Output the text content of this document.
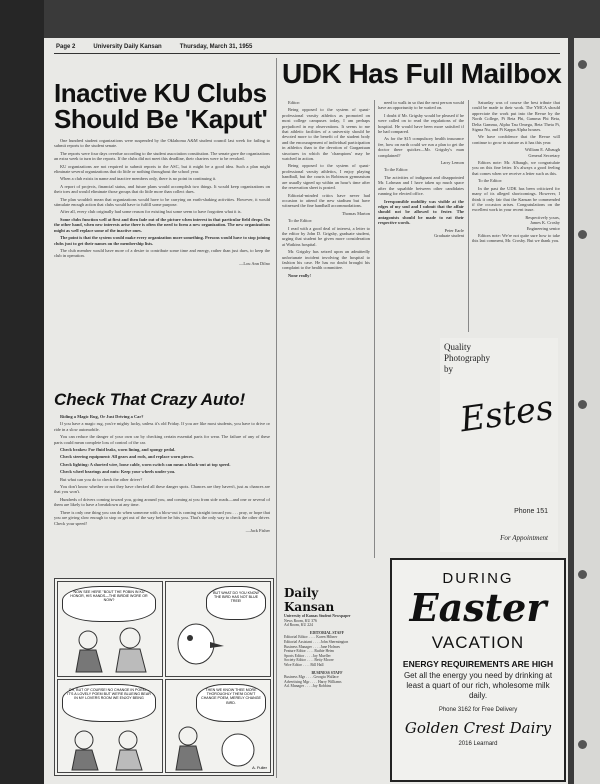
Page 2	University Daily Kansan	Thursday, March 31, 1955
Inactive KU Clubs Should Be 'Kaput'

One hundred student organizations were suspended by the Oklahoma A&M student council last week for failing to submit reports to the student senate.

The reports were four days overdue according to the student association constitution. The senate gave the organizations an extra week to turn in the reports. If the clubs did not meet this deadline, their charters were to be revoked.

KU organizations are not required to submit reports to the ASC, but it might be a good idea. Such a plan might eliminate several organizations that do little or nothing throughout the school year.

When a club exists in name and inactive members only, there is no point in continuing it.

A report of projects, financial status, and future plans would accomplish two things. It would keep organizations on their toes and would eliminate those groups that do little more than collect dues.

The plan wouldn't mean that organizations would have to be carrying on earth-shaking activities. However, it would stimulate enough action that clubs would have to fulfill some purpose.

After all, every club originally had some reason for existing but some seem to have forgotten what it is.

Some clubs function well at first and then fade out of the picture when interest in that particular field drops. On the other hand, when new interests arise there is often the need to form a new organization. The new organizations might as well replace some of the inactive ones.

The point is that the system would make every organization more something. Persons would have to stop joining clubs just to get their names on the membership lists.

The club member would have more of a desire to contribute some time and energy, rather than just dues, to keep the club in operation.

—Lou Ann Dilno

Check That Crazy Auto!

Riding a Magic Rug, Or Just Driving a Car?

If you have a magic rug, you're mighty lucky, unless it's old Friday. If you are like most students, you have to drive or ride in a slow automobile.

You can reduce the danger of your own car by checking certain essential parts for wear. The failure of any of these parts could mean complete loss of control of the car.

Check brakes: For fluid leaks, worn lining, and spongy pedal.

Check steering equipment: All gears and rods, and replace worn pieces.

Check lighting: A shorted wire, loose cable, worn switch can mean a black-out at top speed.

Check wheel bearings and nuts: Keep your wheels under you.

But what can you do to check the other driver?

You don't know whether or not they have checked all these danger spots. Chances are they haven't, just as chances are that you won't.

Hundreds of drivers coming toward you, going around you, and coming at you from side roads—and one or several of them are likely to have a breakdown at any time.

There is only one thing you can do when someone with a blow-out is coming straight toward you . . . pray, or hope that you are giving slow enough to stop or get out of the way before he hits you. That's the only way to check the other driver. Check your speed!

—Jack Fisher

NOW SEE HERE "BOUT THE POBIN IN KU HONOR, HIS HANDS—THE BIRDIE WORE OR NOW?
BUT WHAT DO YOU KNOW THE BIRD HAS NOT BLUE TREE!
OH, BUT OF COURSE! NO CHANGE IN POEM—IT'S A LOVELY POEM BUT WE'RE BLUEING BEAR IN MY LOVERS ROOM WE ENJOY BEING
THEN WE KNOW THEE MORE THOROUGHLY THEN! DON'T CHANGE POEM, MERELY CHANGE BIRD.
A. Fuller
UDK Has Full Mailbox

Editor:

Being opposed to the system of quasi-professional varsity athletics as promoted on most college campuses today, I am perhaps prejudiced in my observations. It seems to me that athletic facilities of a university should be devoted more to the benefit of the student body and the encouragement of individual participation in athletics than to the devotion of Gargantuan structures in which the 'champions' may be watched in action.

Being opposed to the system of quasi-professional varsity athletics, I enjoy playing handball, but the courts in Robinson gymnasium are usually signed up within an hour's time after the reservation sheet is posted.

Editorial-minded critics have never had occasion to attend the new stadium but have witnessed the fine handball accommodations.

Thomas Marton

To the Editor:

I read with a good deal of interest, a letter to the editor by John D. Grigsby, graduate student, urging that student be given more consideration at Watkins hospital.

Mr. Grigsby has seized upon an admittedly unfortunate incident involving the hospital to fashion his case. He has no doubt brought his complaint to the health committee.

None really!

need to walk in so that the next person would have an opportunity to be waited on.

I doubt if Mr. Grigsby would be pleased if he were called on to read the regulations of the hospital. He would have been more satisfied if he had compared.

As for the $15 compulsory health insurance fee, how on earth could we run a plan to get the doctor there quicker—Mr. Grigsby's man complained?

Larry Lemon

To the Editor:

The activities of indignant and disappointed Mr. Lohman and I have taken up much space after the squabble between other candidates running for elected office.

Irresponsible mobility was visible at the edges of my soul and I submit that the affair should not be allowed to fester. The antagonists should be made to eat their respective words.

Peter Earle
Graduate student

Saturday was of course the best tribute that could be made to their work. The YMCA should appreciate the work put into the Revue by the North College, Pi Beta Phi, Gamma Phi Beta, Delta Gamma, Alpha Tau Omega, Beta Theta Pi, Sigma Nu, and Pi Kappa Alpha houses.

We have confidence that the Revue will continue to grow in stature as it has this year.

William E. Albaugh
General Secretary

Editors note: Mr. Albaugh, we congratulate you on this fine letter. It's always a good feeling that comes when we receive a letter such as this.

To the Editor:

In the past the UDK has been criticized for many of its alleged shortcomings. However, I think it only fair that the Kansan be commended if the occasion arises. Congratulations on the excellent work in your recent issue.

Respectively yours,
James K. Crosby
Engineering senior

Editors note: We're not quite sure how to take this last comment, Mr. Crosby. But we thank you.

Quality
Photography
by
Estes
Phone 151
For Appointment
Daily Kansan
University of Kansas Student Newspaper
News Room, KU 376
Ad Room, KU 224
EDITORIAL STAFF
Editorial Editor . . . . Karen Hiltner
Editorial Assistant . . . . John Shermington
Business Manager . . . . Jane Holmes
Feature Editor . . . . Ruthie Heim
Sports Editor . . . . Jay Mueller
Society Editor . . . . Betty Moore
Wire Editor . . . . Bill Hall
BUSINESS STAFF
Business Mgr . . . . Georgia Wallace
Advertising Mgr . . . . Harry Williams
Ad. Manager . . . . Jay Robbins
DURING
Easter
VACATION
ENERGY REQUIREMENTS ARE HIGH
Get all the energy you need by drinking at least a quart of our rich, wholesome milk daily.
Phone 3162 for Free Delivery
Golden Crest Dairy
2016 Learnard
